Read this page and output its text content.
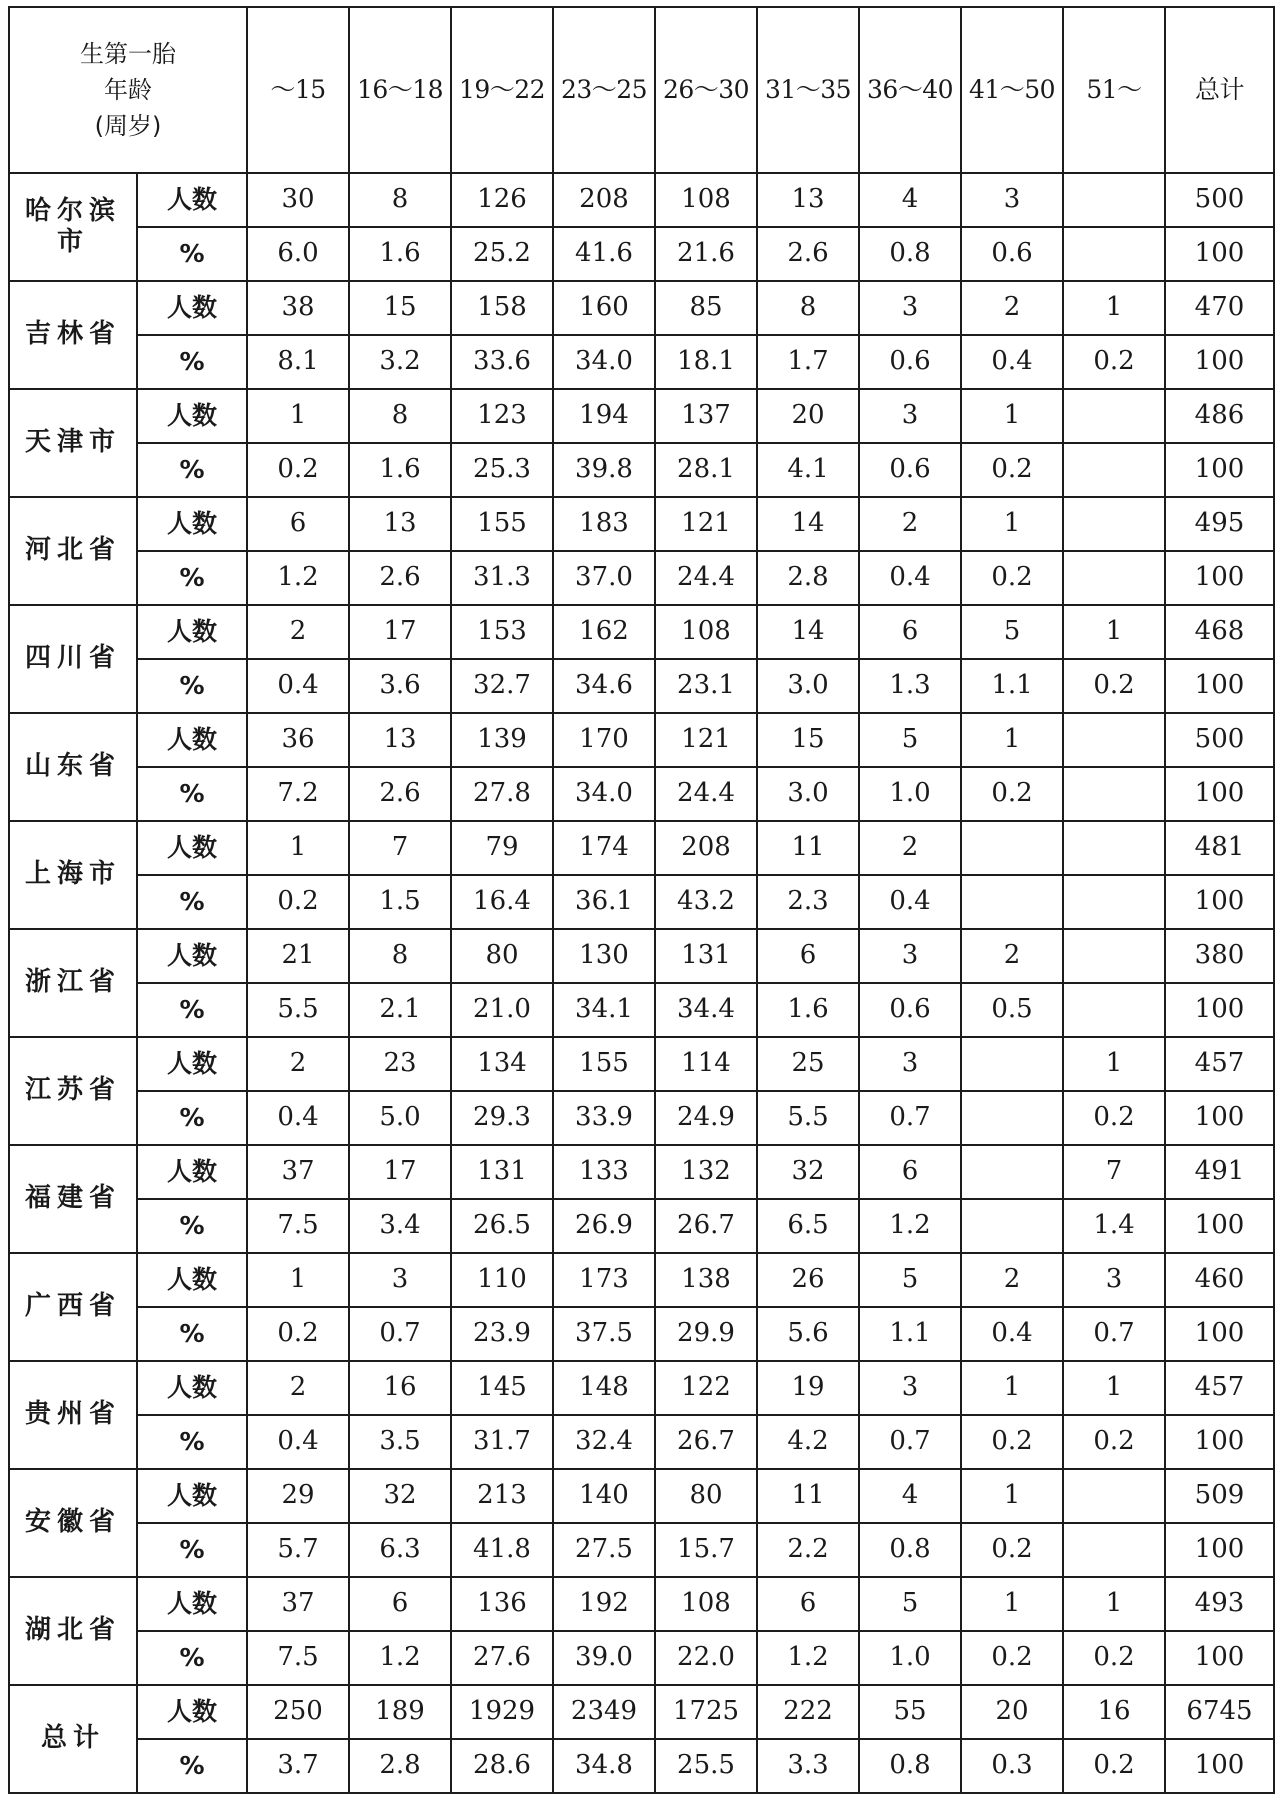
生第一胎
年龄
(周岁)		～15	16～18	19～22	23～25	26～30	31～35	36～40	41～50	51～	总计
哈尔滨市	人数	30	8	126	208	108	13	4	3		500
	%	6.0	1.6	25.2	41.6	21.6	2.6	0.8	0.6		100
吉林省	人数	38	15	158	160	85	8	3	2	1	470
	%	8.1	3.2	33.6	34.0	18.1	1.7	0.6	0.4	0.2	100
天津市	人数	1	8	123	194	137	20	3	1		486
	%	0.2	1.6	25.3	39.8	28.1	4.1	0.6	0.2		100
河北省	人数	6	13	155	183	121	14	2	1		495
	%	1.2	2.6	31.3	37.0	24.4	2.8	0.4	0.2		100
四川省	人数	2	17	153	162	108	14	6	5	1	468
	%	0.4	3.6	32.7	34.6	23.1	3.0	1.3	1.1	0.2	100
山东省	人数	36	13	139	170	121	15	5	1		500
	%	7.2	2.6	27.8	34.0	24.4	3.0	1.0	0.2		100
上海市	人数	1	7	79	174	208	11	2			481
	%	0.2	1.5	16.4	36.1	43.2	2.3	0.4			100
浙江省	人数	21	8	80	130	131	6	3	2		380
	%	5.5	2.1	21.0	34.1	34.4	1.6	0.6	0.5		100
江苏省	人数	2	23	134	155	114	25	3		1	457
	%	0.4	5.0	29.3	33.9	24.9	5.5	0.7		0.2	100
福建省	人数	37	17	131	133	132	32	6		7	491
	%	7.5	3.4	26.5	26.9	26.7	6.5	1.2		1.4	100
广西省	人数	1	3	110	173	138	26	5	2	3	460
	%	0.2	0.7	23.9	37.5	29.9	5.6	1.1	0.4	0.7	100
贵州省	人数	2	16	145	148	122	19	3	1	1	457
	%	0.4	3.5	31.7	32.4	26.7	4.2	0.7	0.2	0.2	100
安徽省	人数	29	32	213	140	80	11	4	1		509
	%	5.7	6.3	41.8	27.5	15.7	2.2	0.8	0.2		100
湖北省	人数	37	6	136	192	108	6	5	1	1	493
	%	7.5	1.2	27.6	39.0	22.0	1.2	1.0	0.2	0.2	100
总计	人数	250	189	1929	2349	1725	222	55	20	16	6745
	%	3.7	2.8	28.6	34.8	25.5	3.3	0.8	0.3	0.2	100
